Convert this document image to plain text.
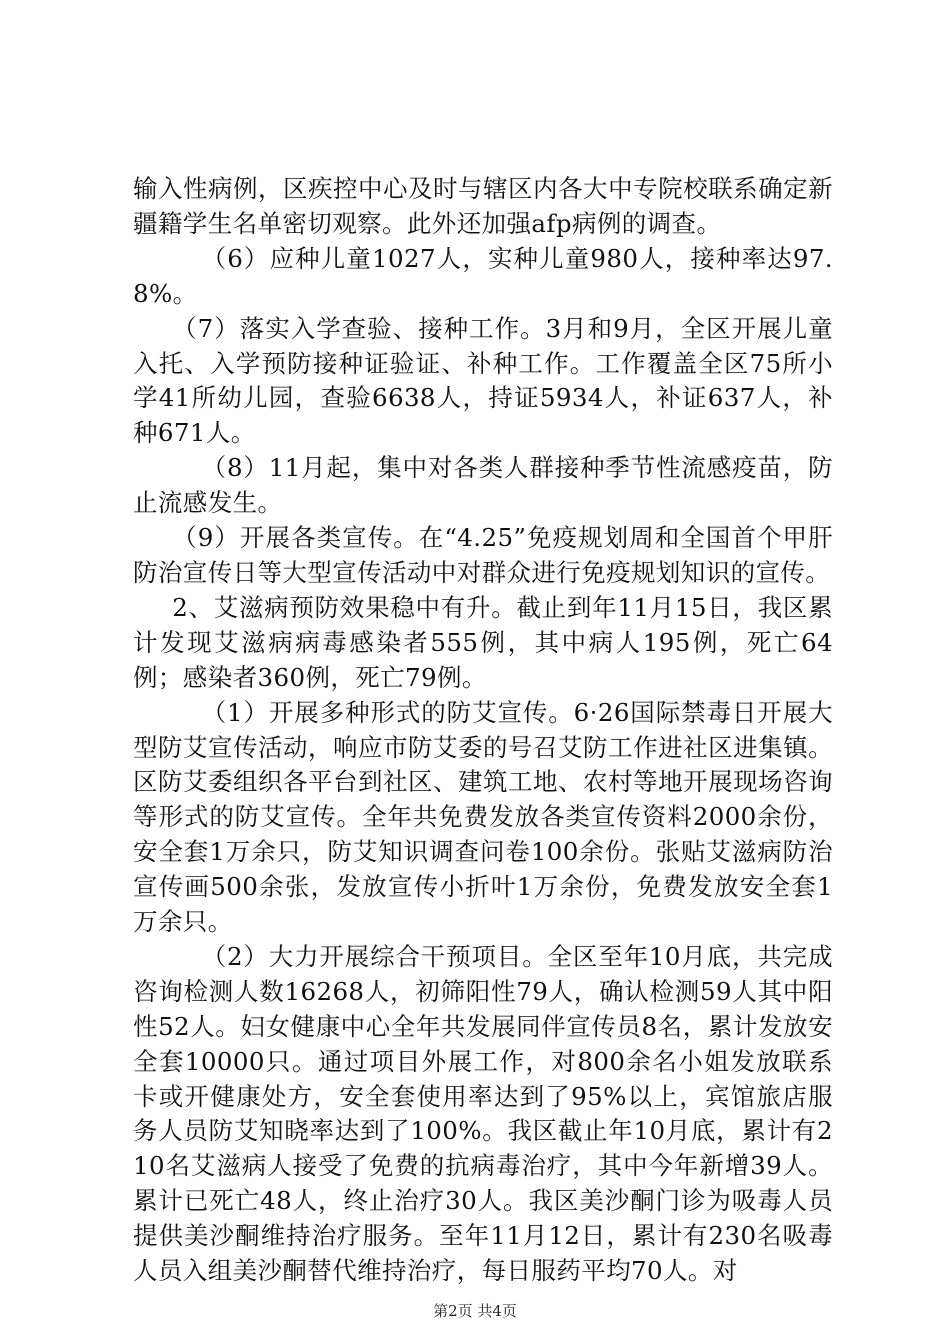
输入性病例，区疾控中心及时与辖区内各大中专院校联系确定新疆籍学生名单密切观察。此外还加强afp病例的调查。

（6）应种儿童1027人，实种儿童980人，接种率达97.8%。

（7）落实入学查验、接种工作。3月和9月，全区开展儿童入托、入学预防接种证验证、补种工作。工作覆盖全区75所小学41所幼儿园，查验6638人，持证5934人，补证637人，补种671人。

（8）11月起，集中对各类人群接种季节性流感疫苗，防止流感发生。

（9）开展各类宣传。在“4.25”免疫规划周和全国首个甲肝防治宣传日等大型宣传活动中对群众进行免疫规划知识的宣传。

2、艾滋病预防效果稳中有升。截止到年11月15日，我区累计发现艾滋病病毒感染者555例，其中病人195例，死亡64例；感染者360例，死亡79例。

（1）开展多种形式的防艾宣传。6·26国际禁毒日开展大型防艾宣传活动，响应市防艾委的号召艾防工作进社区进集镇。区防艾委组织各平台到社区、建筑工地、农村等地开展现场咨询等形式的防艾宣传。全年共免费发放各类宣传资料2000余份，安全套1万余只，防艾知识调查问卷100余份。张贴艾滋病防治宣传画500余张，发放宣传小折叶1万余份，免费发放安全套1万余只。

（2）大力开展综合干预项目。全区至年10月底，共完成咨询检测人数16268人，初筛阳性79人，确认检测59人其中阳性52人。妇女健康中心全年共发展同伴宣传员8名，累计发放安全套10000只。通过项目外展工作，对800余名小姐发放联系卡或开健康处方，安全套使用率达到了95%以上，宾馆旅店服务人员防艾知晓率达到了100%。我区截止年10月底，累计有210名艾滋病人接受了免费的抗病毒治疗，其中今年新增39人。累计已死亡48人，终止治疗30人。我区美沙酮门诊为吸毒人员提供美沙酮维持治疗服务。至年11月12日，累计有230名吸毒人员入组美沙酮替代维持治疗，每日服药平均70人。对

第2页 共4页
